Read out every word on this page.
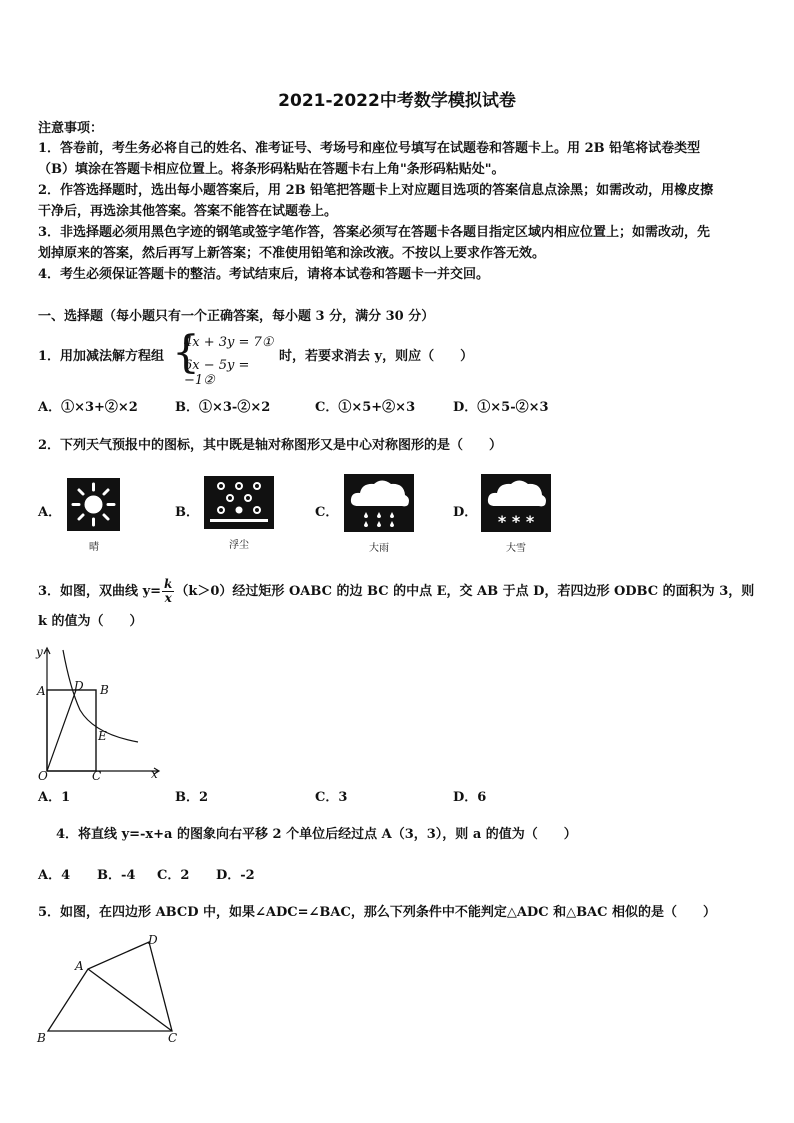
2021-2022中考数学模拟试卷
注意事项：
1．答卷前，考生务必将自己的姓名、准考证号、考场号和座位号填写在试题卷和答题卡上。用 2B 铅笔将试卷类型
（B）填涂在答题卡相应位置上。将条形码粘贴在答题卡右上角"条形码粘贴处"。
2．作答选择题时，选出每小题答案后，用 2B 铅笔把答题卡上对应题目选项的答案信息点涂黑；如需改动，用橡皮擦
干净后，再选涂其他答案。答案不能答在试题卷上。
3．非选择题必须用黑色字迹的钢笔或签字笔作答，答案必须写在答题卡各题目指定区域内相应位置上；如需改动，先
划掉原来的答案，然后再写上新答案；不准使用铅笔和涂改液。不按以上要求作答无效。
4．考生必须保证答题卡的整洁。考试结束后，请将本试卷和答题卡一并交回。
一、选择题（每小题只有一个正确答案，每小题 3 分，满分 30 分）
1．用加减法解方程组 {
4x + 3y = 7①
6x − 5y = −1②
时，若要求消去 y，则应（　　）
A．①×3+②×2	B．①×3-②×2	C．①×5+②×3	D．①×5-②×3
2．下列天气预报中的图标，其中既是轴对称图形又是中心对称图形的是（　　）
A．
晴
B．
浮尘
C．
大雨
D． * * *
大雪
3．如图，双曲线 $y= \frac{k}{x} (k>0)$经过矩形 OABC 的边 BC 的中点 E，交 AB 于点 D，若四边形 ODBC 的面积为 3，则
k 的值为（　　）
y
x
A D B
E
O	C
A．1	B．2	C．3	D．6
4．将直线 y=-x+a 的图象向右平移 2 个单位后经过点 A（3，3），则 a 的值为（　　）
A．4 B．-4 C．2 D．-2
5．如图，在四边形 ABCD 中，如果∠ADC=∠BAC，那么下列条件中不能判定△ADC 和△BAC 相似的是（　　）
A
B	C
D
